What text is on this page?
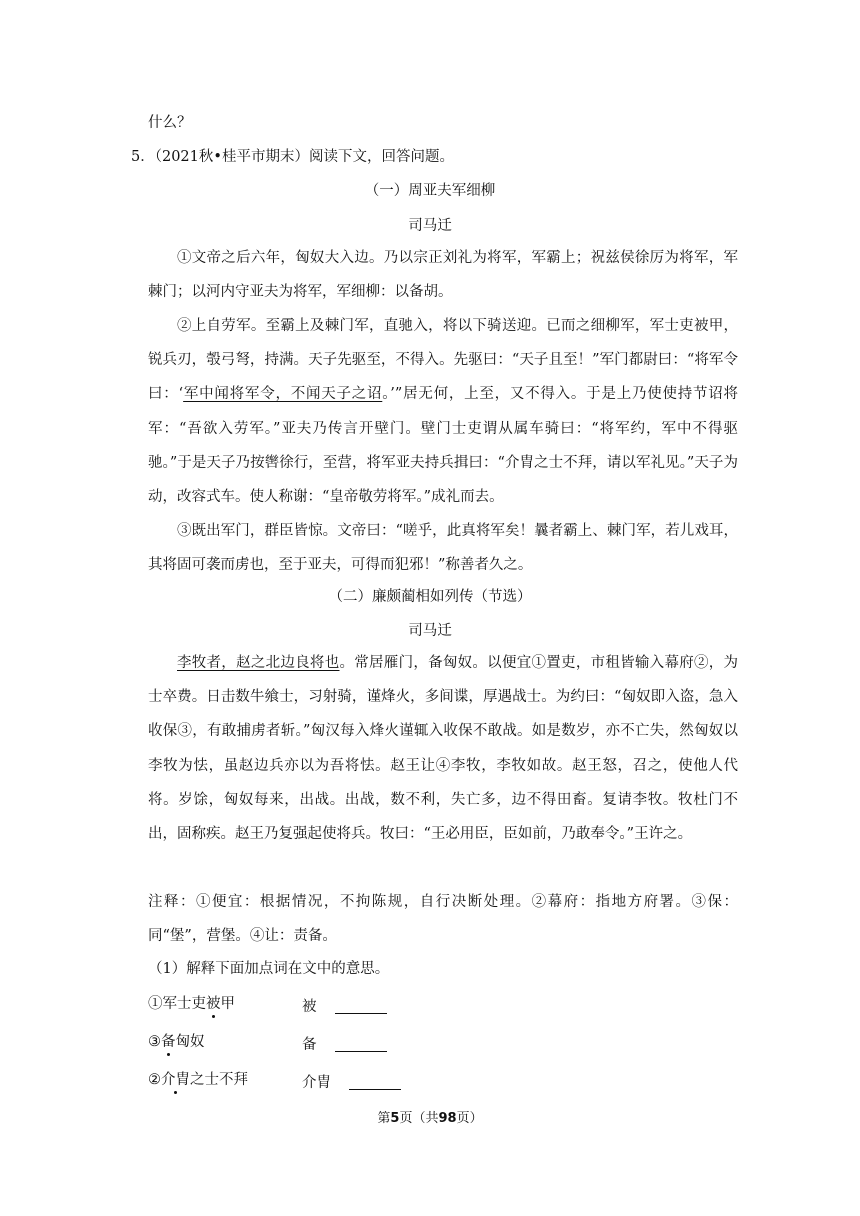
什么？
5．（2021秋•桂平市期末）阅读下文，回答问题。
（一）周亚夫军细柳
司马迁
①文帝之后六年，匈奴大入边。乃以宗正刘礼为将军，军霸上；祝兹侯徐厉为将军，军棘门；以河内守亚夫为将军，军细柳：以备胡。
②上自劳军。至霸上及棘门军，直驰入，将以下骑送迎。已而之细柳军，军士吏被甲，锐兵刃，彀弓弩，持满。天子先驱至，不得入。先驱曰：“天子且至！”军门都尉曰：“将军令曰：‘军中闻将军令，不闻天子之诏。’”居无何，上至，又不得入。于是上乃使使持节诏将军：“吾欲入劳军。”亚夫乃传言开壁门。壁门士吏谓从属车骑曰：“将军约，军中不得驱驰。”于是天子乃按辔徐行，至营，将军亚夫持兵揖曰：“介胄之士不拜，请以军礼见。”天子为动，改容式车。使人称谢：“皇帝敬劳将军。”成礼而去。
③既出军门，群臣皆惊。文帝曰：“嗟乎，此真将军矣！曩者霸上、棘门军，若儿戏耳，其将固可袭而虏也，至于亚夫，可得而犯邪！”称善者久之。
（二）廉颇蔺相如列传（节选）
司马迁
李牧者，赵之北边良将也。常居雁门，备匈奴。以便宜①置吏，市租皆输入幕府②，为士卒费。日击数牛飨士，习射骑，谨烽火，多间谍，厚遇战士。为约曰：“匈奴即入盗，急入收保③，有敢捕虏者斩。”匈汉每入烽火谨辄入收保不敢战。如是数岁，亦不亡失，然匈奴以李牧为怯，虽赵边兵亦以为吾将怯。赵王让④李牧，李牧如故。赵王怒，召之，使他人代将。岁馀，匈奴每来，出战。出战，数不利，失亡多，边不得田畜。复请李牧。牧杜门不出，固称疾。赵王乃复强起使将兵。牧曰：“王必用臣，臣如前，乃敢奉令。”王许之。
注释：①便宜：根据情况，不拘陈规，自行决断处理。②幕府：指地方府署。③保：同“堡”，营堡。④让：责备。
（1）解释下面加点词在文中的意思。
①军士吏被甲	被
③备匈奴	备
②介胄之士不拜	介胄
第5页（共98页）
